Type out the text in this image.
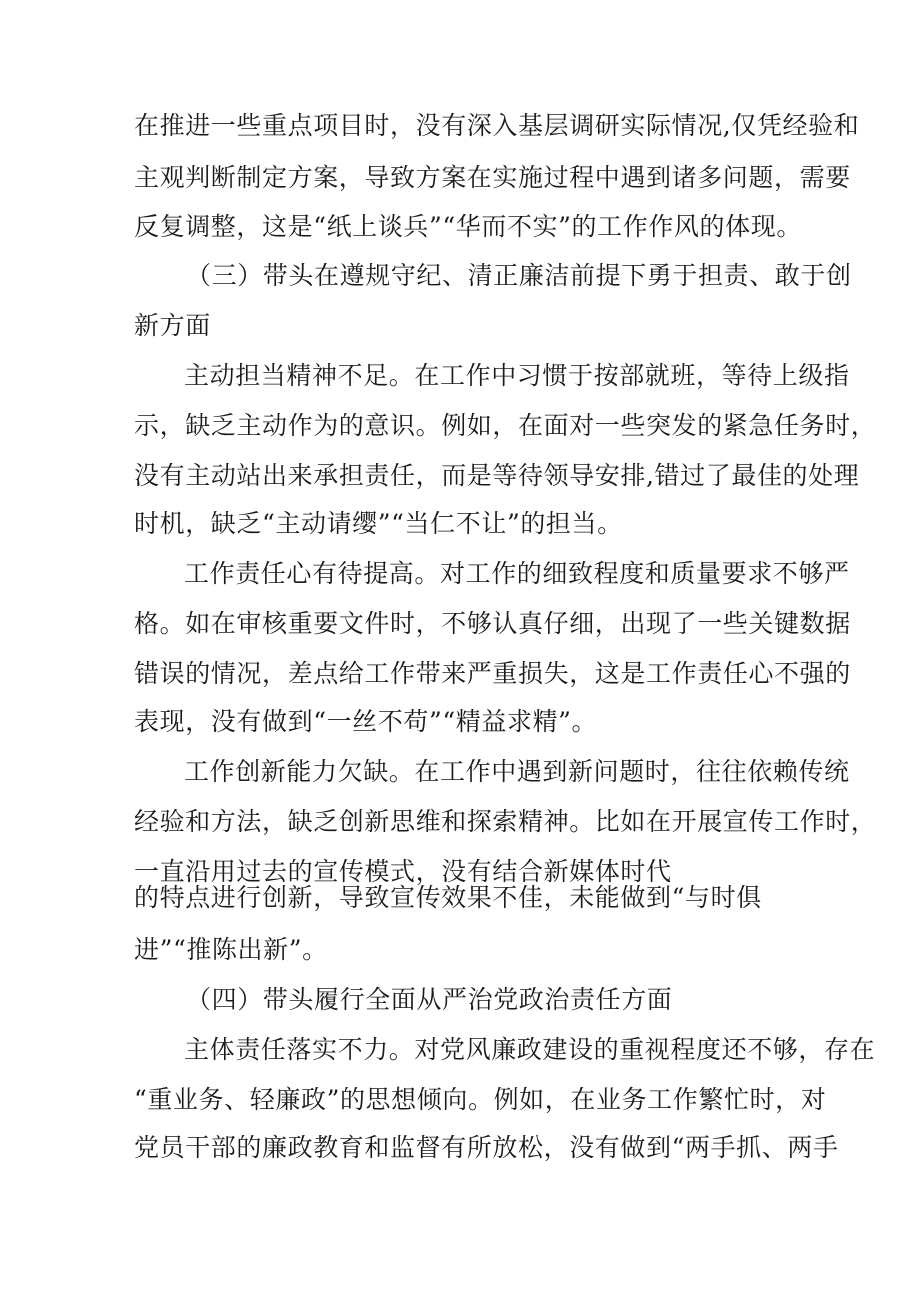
在推进一些重点项目时，没有深入基层调研实际情况,仅凭经验和
主观判断制定方案，导致方案在实施过程中遇到诸多问题，需要
反复调整，这是“纸上谈兵”“华而不实”的工作作风的体现。
（三）带头在遵规守纪、清正廉洁前提下勇于担责、敢于创
新方面
主动担当精神不足。在工作中习惯于按部就班，等待上级指
示，缺乏主动作为的意识。例如，在面对一些突发的紧急任务时，
没有主动站出来承担责任，而是等待领导安排,错过了最佳的处理
时机，缺乏“主动请缨”“当仁不让”的担当。
工作责任心有待提高。对工作的细致程度和质量要求不够严
格。如在审核重要文件时，不够认真仔细，出现了一些关键数据
错误的情况，差点给工作带来严重损失，这是工作责任心不强的
表现，没有做到“一丝不苟”“精益求精”。
工作创新能力欠缺。在工作中遇到新问题时，往往依赖传统
经验和方法，缺乏创新思维和探索精神。比如在开展宣传工作时，
一直沿用过去的宣传模式，没有结合新媒体时代
的特点进行创新，导致宣传效果不佳，未能做到“与时俱
进”“推陈出新”。
（四）带头履行全面从严治党政治责任方面
主体责任落实不力。对党风廉政建设的重视程度还不够，存在
“重业务、轻廉政”的思想倾向。例如，在业务工作繁忙时，对
党员干部的廉政教育和监督有所放松，没有做到“两手抓、两手
